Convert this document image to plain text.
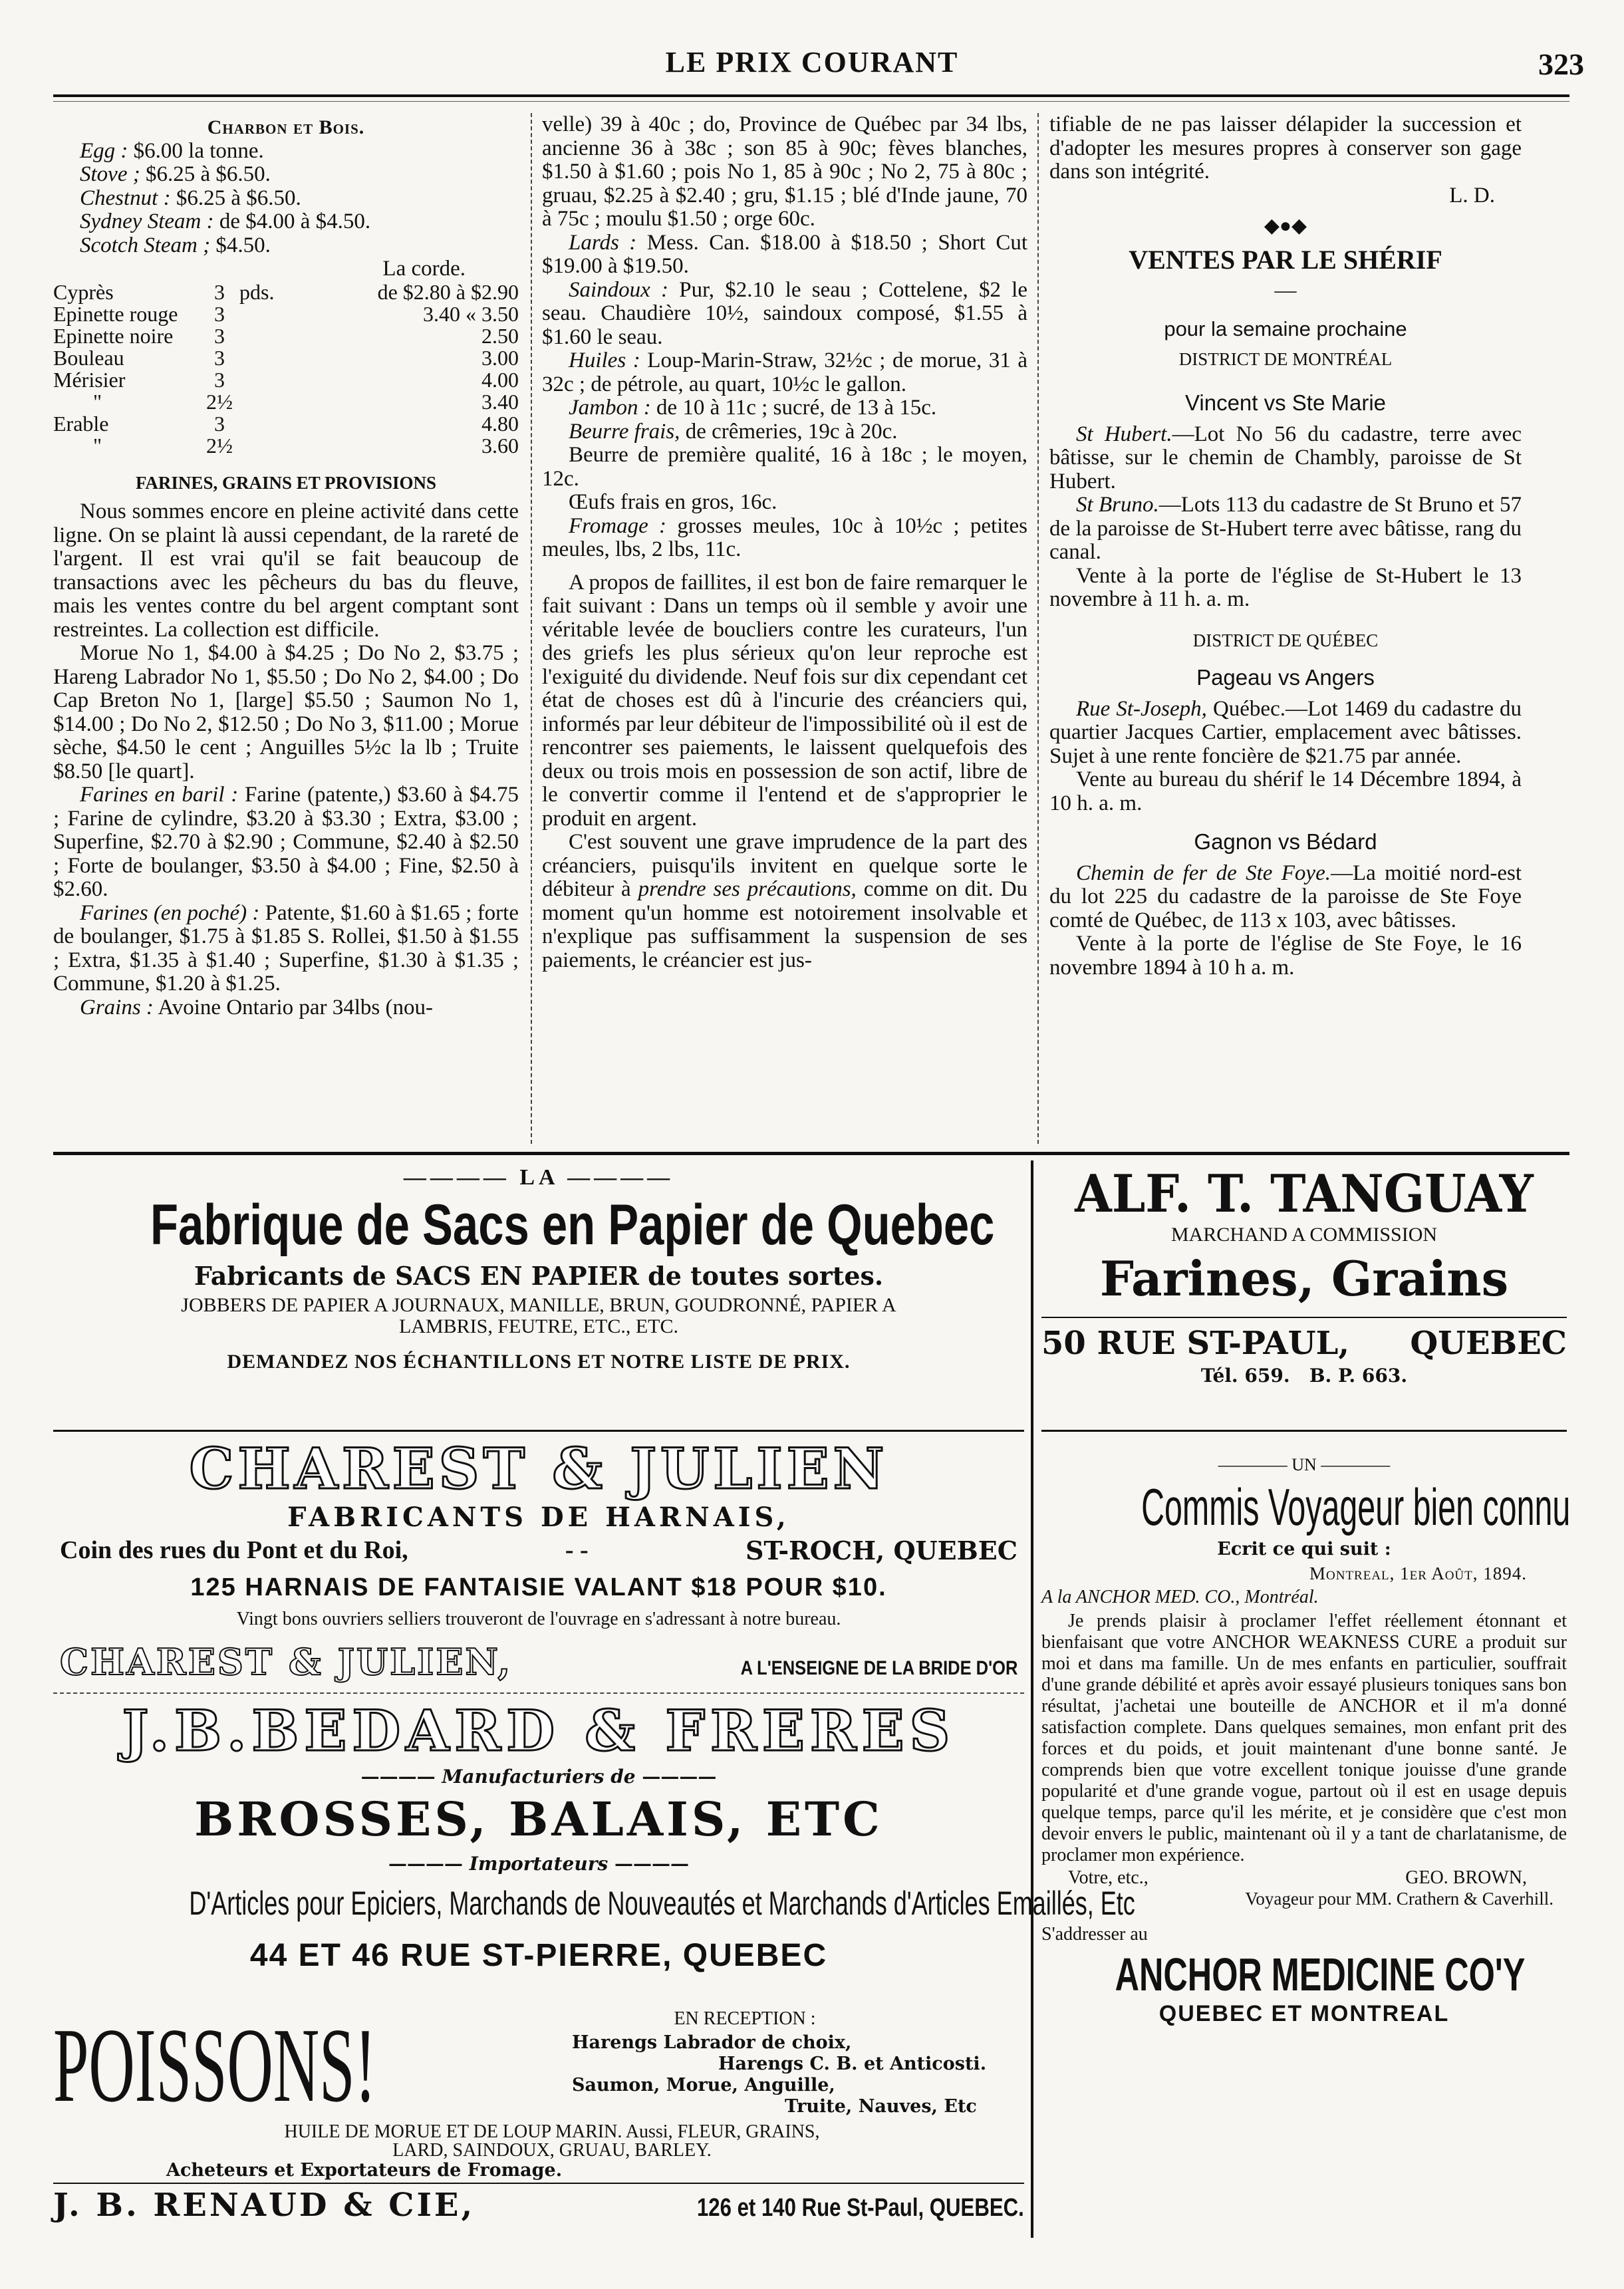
LE PRIX COURANT	323

Charbon et Bois.

Egg : $6.00 la tonne.

Stove ; $6.25 à $6.50.

Chestnut : $6.25 à $6.50.

Sydney Steam : de $4.00 à $4.50.

Scotch Steam ; $4.50.

La corde.

Cyprès	3	pds.	de $2.80 à $2.90
Epinette rouge	3		3.40 « 3.50
Epinette noire	3		2.50
Bouleau	3		3.00
Mérisier	3		4.00
"	2½		3.40
Erable	3		4.80
"	2½		3.60

FARINES, GRAINS ET PROVISIONS

Nous sommes encore en pleine activité dans cette ligne. On se plaint là aussi cependant, de la rareté de l'argent. Il est vrai qu'il se fait beaucoup de transactions avec les pêcheurs du bas du fleuve, mais les ventes contre du bel argent comptant sont restreintes. La collection est difficile.

Morue No 1, $4.00 à $4.25 ; Do No 2, $3.75 ; Hareng Labrador No 1, $5.50 ; Do No 2, $4.00 ; Do Cap Breton No 1, [large] $5.50 ; Saumon No 1, $14.00 ; Do No 2, $12.50 ; Do No 3, $11.00 ; Morue sèche, $4.50 le cent ; Anguilles 5½c la lb ; Truite $8.50 [le quart].

Farines en baril : Farine (patente,) $3.60 à $4.75 ; Farine de cylindre, $3.20 à $3.30 ; Extra, $3.00 ; Superfine, $2.70 à $2.90 ; Commune, $2.40 à $2.50 ; Forte de boulanger, $3.50 à $4.00 ; Fine, $2.50 à $2.60.

Farines (en poché) : Patente, $1.60 à $1.65 ; forte de boulanger, $1.75 à $1.85 S. Rollei, $1.50 à $1.55 ; Extra, $1.35 à $1.40 ; Superfine, $1.30 à $1.35 ; Commune, $1.20 à $1.25.

Grains : Avoine Ontario par 34lbs (nou-

velle) 39 à 40c ; do, Province de Québec par 34 lbs, ancienne 36 à 38c ; son 85 à 90c; fèves blanches, $1.50 à $1.60 ; pois No 1, 85 à 90c ; No 2, 75 à 80c ; gruau, $2.25 à $2.40 ; gru, $1.15 ; blé d'Inde jaune, 70 à 75c ; moulu $1.50 ; orge 60c.

Lards : Mess. Can. $18.00 à $18.50 ; Short Cut $19.00 à $19.50.

Saindoux : Pur, $2.10 le seau ; Cottelene, $2 le seau. Chaudière 10½, saindoux composé, $1.55 à $1.60 le seau.

Huiles : Loup-Marin-Straw, 32½c ; de morue, 31 à 32c ; de pétrole, au quart, 10½c le gallon.

Jambon : de 10 à 11c ; sucré, de 13 à 15c.

Beurre frais, de crêmeries, 19c à 20c.

Beurre de première qualité, 16 à 18c ; le moyen, 12c.

Œufs frais en gros, 16c.

Fromage : grosses meules, 10c à 10½c ; petites meules, lbs, 2 lbs, 11c.

A propos de faillites, il est bon de faire remarquer le fait suivant : Dans un temps où il semble y avoir une véritable levée de boucliers contre les curateurs, l'un des griefs les plus sérieux qu'on leur reproche est l'exiguité du dividende. Neuf fois sur dix cependant cet état de choses est dû à l'incurie des créanciers qui, informés par leur débiteur de l'impossibilité où il est de rencontrer ses paiements, le laissent quelquefois des deux ou trois mois en possession de son actif, libre de le convertir comme il l'entend et de s'approprier le produit en argent.

C'est souvent une grave imprudence de la part des créanciers, puisqu'ils invitent en quelque sorte le débiteur à prendre ses précautions, comme on dit. Du moment qu'un homme est notoirement insolvable et n'explique pas suffisamment la suspension de ses paiements, le créancier est jus-

tifiable de ne pas laisser délapider la succession et d'adopter les mesures propres à conserver son gage dans son intégrité.

L. D.

◆●◆

VENTES PAR LE SHÉRIF

—

pour la semaine prochaine

DISTRICT DE MONTRÉAL

Vincent vs Ste Marie

St Hubert.—Lot No 56 du cadastre, terre avec bâtisse, sur le chemin de Chambly, paroisse de St Hubert.

St Bruno.—Lots 113 du cadastre de St Bruno et 57 de la paroisse de St-Hubert terre avec bâtisse, rang du canal.

Vente à la porte de l'église de St-Hubert le 13 novembre à 11 h. a. m.

DISTRICT DE QUÉBEC

Pageau vs Angers

Rue St-Joseph, Québec.—Lot 1469 du cadastre du quartier Jacques Cartier, emplacement avec bâtisses. Sujet à une rente foncière de $21.75 par année.

Vente au bureau du shérif le 14 Décembre 1894, à 10 h. a. m.

Gagnon vs Bédard

Chemin de fer de Ste Foye.—La moitié nord-est du lot 225 du cadastre de la paroisse de Ste Foye comté de Québec, de 113 x 103, avec bâtisses.

Vente à la porte de l'église de Ste Foye, le 16 novembre 1894 à 10 h a. m.

———— LA ————
Fabrique de Sacs en Papier de Quebec
Fabricants de SACS EN PAPIER de toutes sortes.
JOBBERS DE PAPIER A JOURNAUX, MANILLE, BRUN, GOUDRONNÉ, PAPIER A LAMBRIS, FEUTRE, ETC., ETC.
DEMANDEZ NOS ÉCHANTILLONS ET NOTRE LISTE DE PRIX.
CHAREST & JULIEN
FABRICANTS DE HARNAIS,
Coin des rues du Pont et du Roi,	- -	ST-ROCH, QUEBEC
125 HARNAIS DE FANTAISIE VALANT $18 POUR $10.
Vingt bons ouvriers selliers trouveront de l'ouvrage en s'adressant à notre bureau.
CHAREST & JULIEN,	A L'ENSEIGNE DE LA BRIDE D'OR
J.B.BEDARD & FRERES
———— Manufacturiers de ————
BROSSES, BALAIS, ETC
———— Importateurs ————
D'Articles pour Epiciers, Marchands de Nouveautés et Marchands d'Articles Emaillés, Etc
44 ET 46 RUE ST-PIERRE, QUEBEC
POISSONS!	EN RECEPTION :
Harengs Labrador de choix,
Harengs C. B. et Anticosti.
Saumon, Morue, Anguille,
Truite, Nauves, Etc
HUILE DE MORUE ET DE LOUP MARIN. Aussi, FLEUR, GRAINS,
LARD, SAINDOUX, GRUAU, BARLEY.
Acheteurs et Exportateurs de Fromage.
J. B. RENAUD & CIE,	126 et 140 Rue St-Paul, QUEBEC.
ALF. T. TANGUAY
MARCHAND A COMMISSION
Farines, Grains
50 RUE ST-PAUL, QUEBEC
Tél. 659.   B. P. 663.
———— UN ————
Commis Voyageur bien connu
Ecrit ce qui suit :
Montreal, 1er Août, 1894.
A la ANCHOR MED. CO., Montréal.
Je prends plaisir à proclamer l'effet réellement étonnant et bienfaisant que votre ANCHOR WEAKNESS CURE a produit sur moi et dans ma famille. Un de mes enfants en particulier, souffrait d'une grande débilité et après avoir essayé plusieurs toniques sans bon résultat, j'achetai une bouteille de ANCHOR et il m'a donné satisfaction complete. Dans quelques semaines, mon enfant prit des forces et du poids, et jouit maintenant d'une bonne santé. Je comprends bien que votre excellent tonique jouisse d'une grande popularité et d'une grande vogue, partout où il est en usage depuis quelque temps, parce qu'il les mérite, et je considère que c'est mon devoir envers le public, maintenant où il y a tant de charlatanisme, de proclamer mon expérience.
Votre, etc.,	GEO. BROWN,
Voyageur pour MM. Crathern & Caverhill.
S'addresser au
ANCHOR MEDICINE CO'Y
QUEBEC ET MONTREAL
